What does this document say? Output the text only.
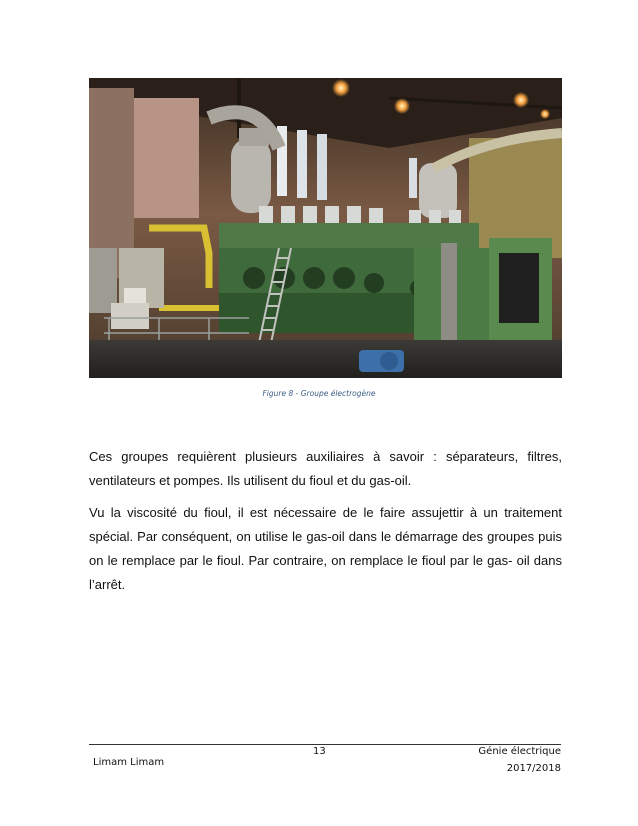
Figure 8 - Groupe électrogène

Ces groupes requièrent plusieurs auxiliaires à savoir : séparateurs, filtres, ventilateurs et pompes. Ils utilisent du fioul et du gas-oil.

Vu la viscosité du fioul, il est nécessaire de le faire assujettir à un traitement spécial. Par conséquent, on utilise le gas-oil dans le démarrage des groupes puis on le remplace par le fioul. Par contraire, on remplace le fioul par le gas- oil dans l’arrêt.

13	Génie électrique
2017/2018
Limam Limam
